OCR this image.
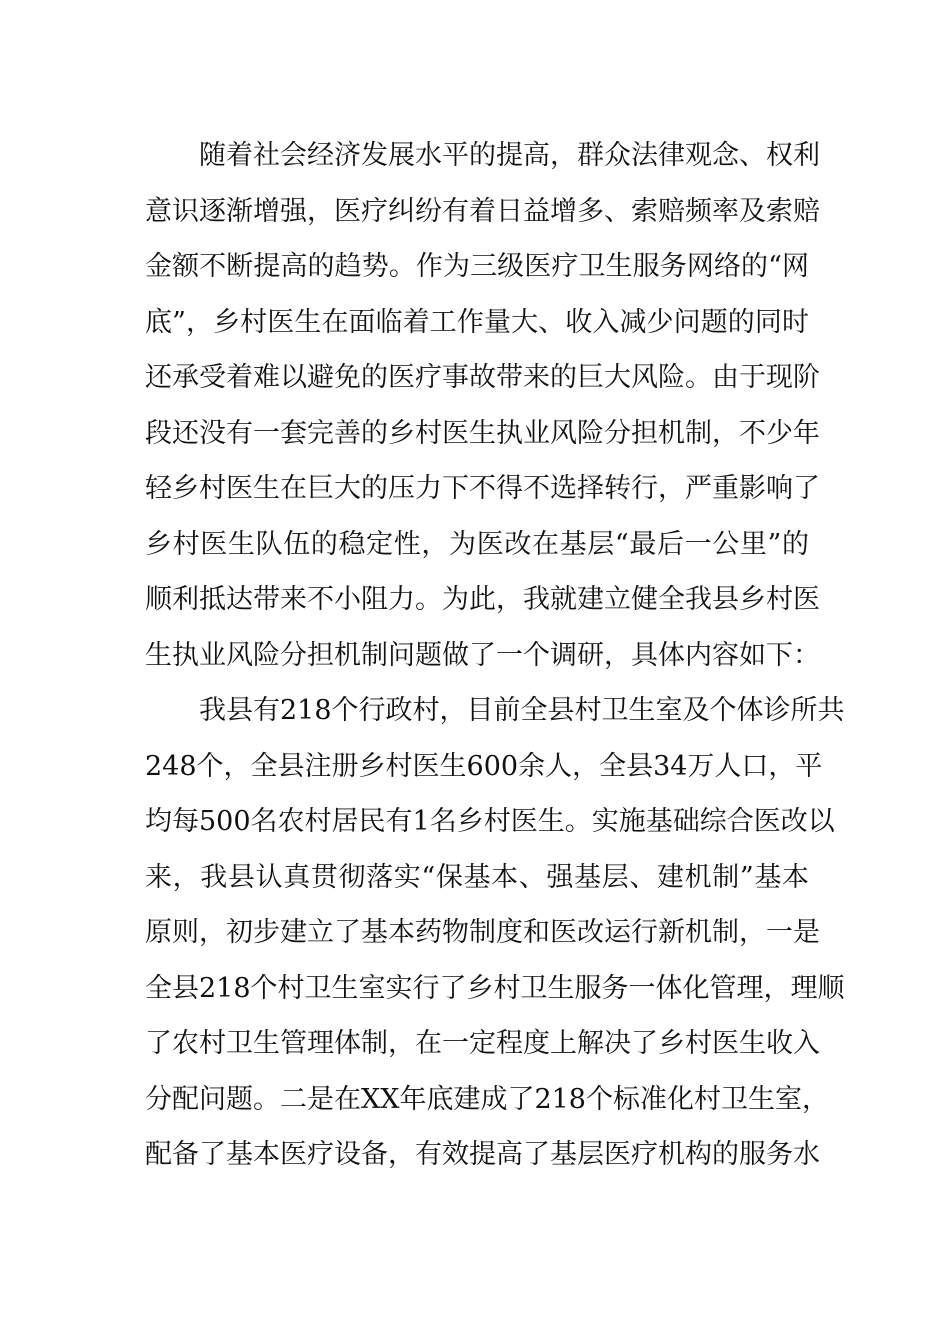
随着社会经济发展水平的提高，群众法律观念、权利
意识逐渐增强，医疗纠纷有着日益增多、索赔频率及索赔
金额不断提高的趋势。作为三级医疗卫生服务网络的“网
底”，乡村医生在面临着工作量大、收入减少问题的同时
还承受着难以避免的医疗事故带来的巨大风险。由于现阶
段还没有一套完善的乡村医生执业风险分担机制，不少年
轻乡村医生在巨大的压力下不得不选择转行，严重影响了
乡村医生队伍的稳定性，为医改在基层“最后一公里”的
顺利抵达带来不小阻力。为此，我就建立健全我县乡村医
生执业风险分担机制问题做了一个调研，具体内容如下：
我县有218个行政村，目前全县村卫生室及个体诊所共
248个，全县注册乡村医生600余人，全县34万人口，平
均每500名农村居民有1名乡村医生。实施基础综合医改以
来，我县认真贯彻落实“保基本、强基层、建机制”基本
原则，初步建立了基本药物制度和医改运行新机制，一是
全县218个村卫生室实行了乡村卫生服务一体化管理，理顺
了农村卫生管理体制，在一定程度上解决了乡村医生收入
分配问题。二是在XX年底建成了218个标准化村卫生室，
配备了基本医疗设备，有效提高了基层医疗机构的服务水
